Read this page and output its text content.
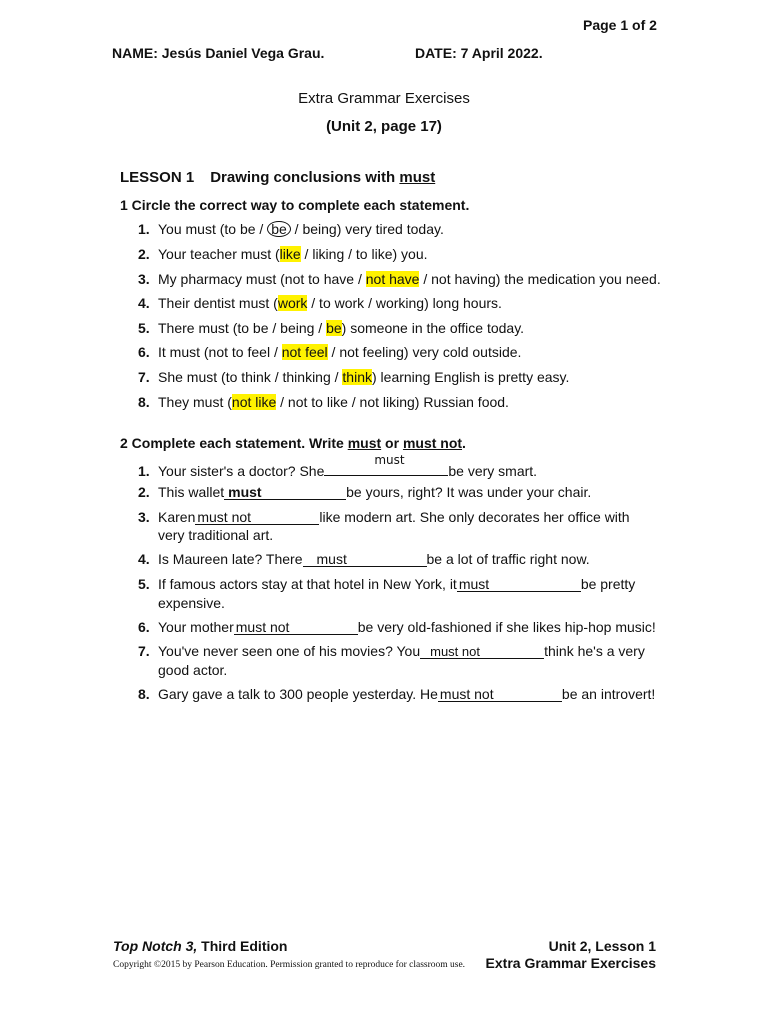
Page 1 of 2
NAME: Jesús Daniel Vega Grau.	DATE: 7 April 2022.
Extra Grammar Exercises
(Unit 2, page 17)
LESSON 1 Drawing conclusions with must
1 Circle the correct way to complete each statement.
1. You must (to be / be / being) very tired today.
2. Your teacher must (like / liking / to like) you.
3. My pharmacy must (not to have / not have / not having) the medication you need.
4. Their dentist must (work / to work / working) long hours.
5. There must (to be / being / be) someone in the office today.
6. It must (not to feel / not feel / not feeling) very cold outside.
7. She must (to think / thinking / think) learning English is pretty easy.
8. They must (not like / not to like / not liking) Russian food.
2 Complete each statement. Write must or must not.
1. Your sister's a doctor? She
must
be very smart.
2. This wallet must	be yours, right? It was under your chair.
3. Karen must not	like modern art. She only decorates her office with
very traditional art.
4. Is Maureen late? There must	be a lot of traffic right now.
5. If famous actors stay at that hotel in New York, it must	be pretty
expensive.
6. Your mother must not	be very old-fashioned if she likes hip-hop music!
7. You've never seen one of his movies? You must not	think he's a very
good actor.
8. Gary gave a talk to 300 people yesterday. He must not	be an introvert!
Top Notch 3, Third Edition	Unit 2, Lesson 1
Copyright ©2015 by Pearson Education. Permission granted to reproduce for classroom use. Extra Grammar Exercises
